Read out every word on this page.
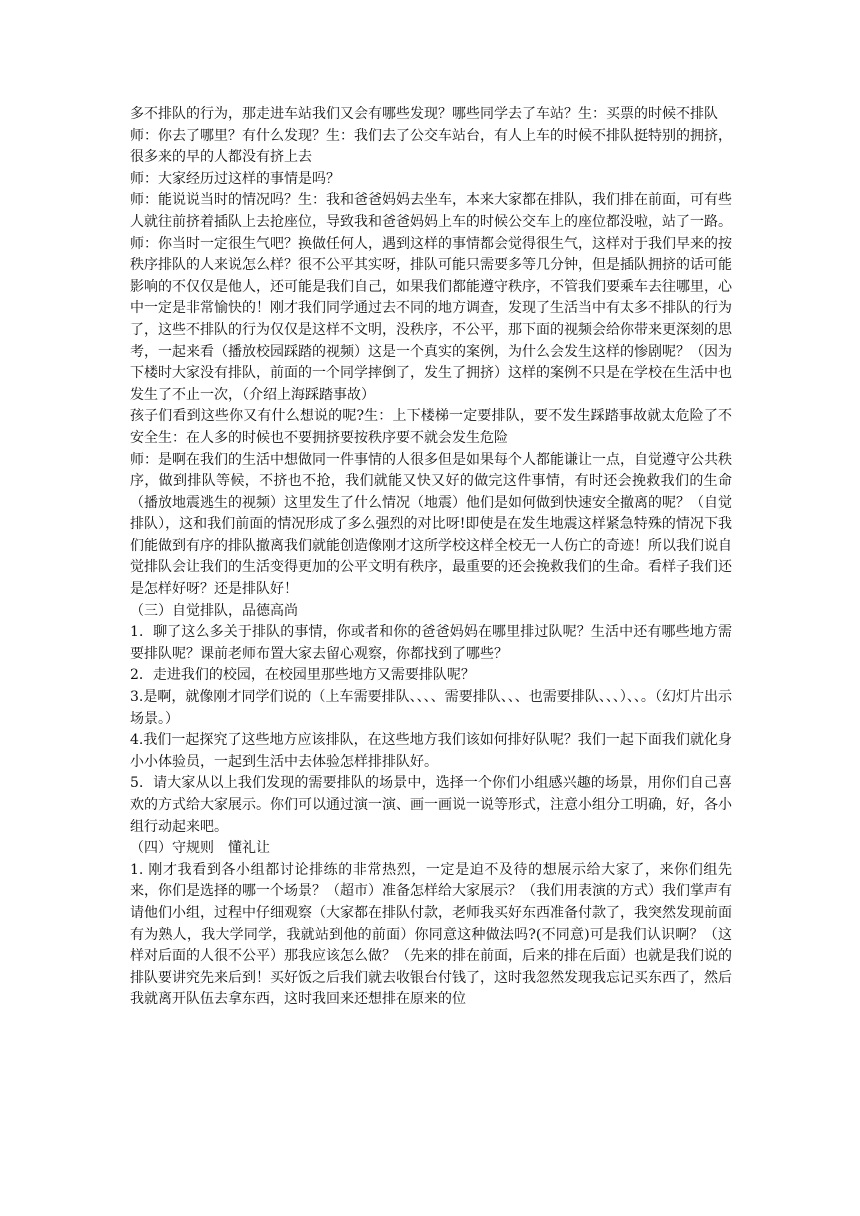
多不排队的行为，那走进车站我们又会有哪些发现？哪些同学去了车站？生：买票的时候不排队

师：你去了哪里？有什么发现？生：我们去了公交车站台，有人上车的时候不排队挺特别的拥挤，很多来的早的人都没有挤上去

师：大家经历过这样的事情是吗？

师：能说说当时的情况吗？生：我和爸爸妈妈去坐车，本来大家都在排队，我们排在前面，可有些人就往前挤着插队上去抢座位，导致我和爸爸妈妈上车的时候公交车上的座位都没啦，站了一路。

师：你当时一定很生气吧？换做任何人，遇到这样的事情都会觉得很生气，这样对于我们早来的按秩序排队的人来说怎么样？很不公平其实呀，排队可能只需要多等几分钟，但是插队拥挤的话可能影响的不仅仅是他人，还可能是我们自己，如果我们都能遵守秩序，不管我们要乘车去往哪里，心中一定是非常愉快的！刚才我们同学通过去不同的地方调查，发现了生活当中有太多不排队的行为了，这些不排队的行为仅仅是这样不文明，没秩序，不公平，那下面的视频会给你带来更深刻的思考，一起来看（播放校园踩踏的视频）这是一个真实的案例，为什么会发生这样的惨剧呢？（因为下楼时大家没有排队，前面的一个同学摔倒了，发生了拥挤）这样的案例不只是在学校在生活中也发生了不止一次，（介绍上海踩踏事故）

孩子们看到这些你又有什么想说的呢?生：上下楼梯一定要排队，要不发生踩踏事故就太危险了不安全生：在人多的时候也不要拥挤要按秩序要不就会发生危险

师：是啊在我们的生活中想做同一件事情的人很多但是如果每个人都能谦让一点，自觉遵守公共秩序，做到排队等候，不挤也不抢，我们就能又快又好的做完这件事情，有时还会挽救我们的生命（播放地震逃生的视频）这里发生了什么情况（地震）他们是如何做到快速安全撤离的呢？（自觉排队），这和我们前面的情况形成了多么强烈的对比呀!即使是在发生地震这样紧急特殊的情况下我们能做到有序的排队撤离我们就能创造像刚才这所学校这样全校无一人伤亡的奇迹！所以我们说自觉排队会让我们的生活变得更加的公平文明有秩序，最重要的还会挽救我们的生命。看样子我们还是怎样好呀？还是排队好！

（三）自觉排队，品德高尚

1．聊了这么多关于排队的事情，你或者和你的爸爸妈妈在哪里排过队呢？生活中还有哪些地方需要排队呢？课前老师布置大家去留心观察，你都找到了哪些？

2．走进我们的校园，在校园里那些地方又需要排队呢？

3.是啊，就像刚才同学们说的（上车需要排队、、、、需要排队、、、也需要排队、、、）、、。（幻灯片出示场景。）

4.我们一起探究了这些地方应该排队，在这些地方我们该如何排好队呢？我们一起下面我们就化身小小体验员，一起到生活中去体验怎样排排队好。

5．请大家从以上我们发现的需要排队的场景中，选择一个你们小组感兴趣的场景，用你们自己喜欢的方式给大家展示。你们可以通过演一演、画一画说一说等形式，注意小组分工明确，好，各小组行动起来吧。

（四）守规则　懂礼让

1. 刚才我看到各小组都讨论排练的非常热烈，一定是迫不及待的想展示给大家了，来你们组先来，你们是选择的哪一个场景？（超市）准备怎样给大家展示？（我们用表演的方式）我们掌声有请他们小组，过程中仔细观察（大家都在排队付款，老师我买好东西准备付款了，我突然发现前面有为熟人，我大学同学，我就站到他的前面）你同意这种做法吗?(不同意)可是我们认识啊？（这样对后面的人很不公平）那我应该怎么做？（先来的排在前面，后来的排在后面）也就是我们说的排队要讲究先来后到！买好饭之后我们就去收银台付钱了，这时我忽然发现我忘记买东西了，然后我就离开队伍去拿东西，这时我回来还想排在原来的位
